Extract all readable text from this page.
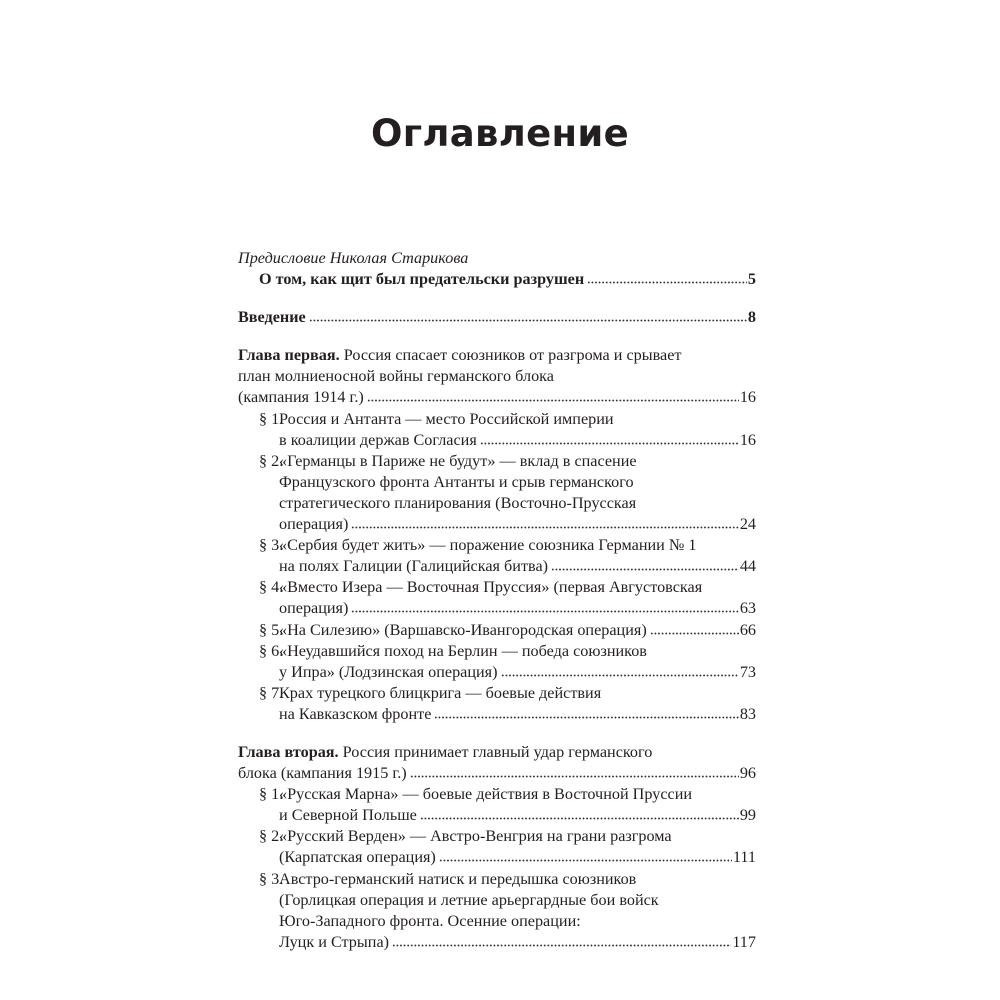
Оглавление
Предисловие Николая Старикова
О том, как щит был предательски разрушен	5
Введение	8
Глава первая.
Россия спасает союзников от разгрома и срывает
план молниеносной войны германского блока
(кампания 1914 г.)	16
§ 1.
Россия и Антанта — место Российской империи
в коалиции держав Согласия	16
§ 2.
«Германцы в Париже не будут» — вклад в спасение
Французского фронта Антанты и срыв германского
стратегического планирования (Восточно-Прусская
операция)	24
§ 3.
«Сербия будет жить» — поражение союзника Германии № 1
на полях Галиции (Галицийская битва)	44
§ 4.
«Вместо Изера — Восточная Пруссия» (первая Августовская
операция)	63
§ 5.
«На Силезию» (Варшавско-Ивангородская операция)	66
§ 6.
«Неудавшийся поход на Берлин — победа союзников
у Ипра» (Лодзинская операция)	73
§ 7.
Крах турецкого блицкрига — боевые действия
на Кавказском фронте	83
Глава вторая.
Россия принимает главный удар германского
блока (кампания 1915 г.)	96
§ 1.
«Русская Марна» — боевые действия в Восточной Пруссии
и Северной Польше	99
§ 2.
«Русский Верден» — Австро-Венгрия на грани разгрома
(Карпатская операция)	111
§ 3.
Австро-германский натиск и передышка союзников
(Горлицкая операция и летние арьергардные бои войск
Юго-Западного фронта. Осенние операции:
Луцк и Стрыпа)	117
